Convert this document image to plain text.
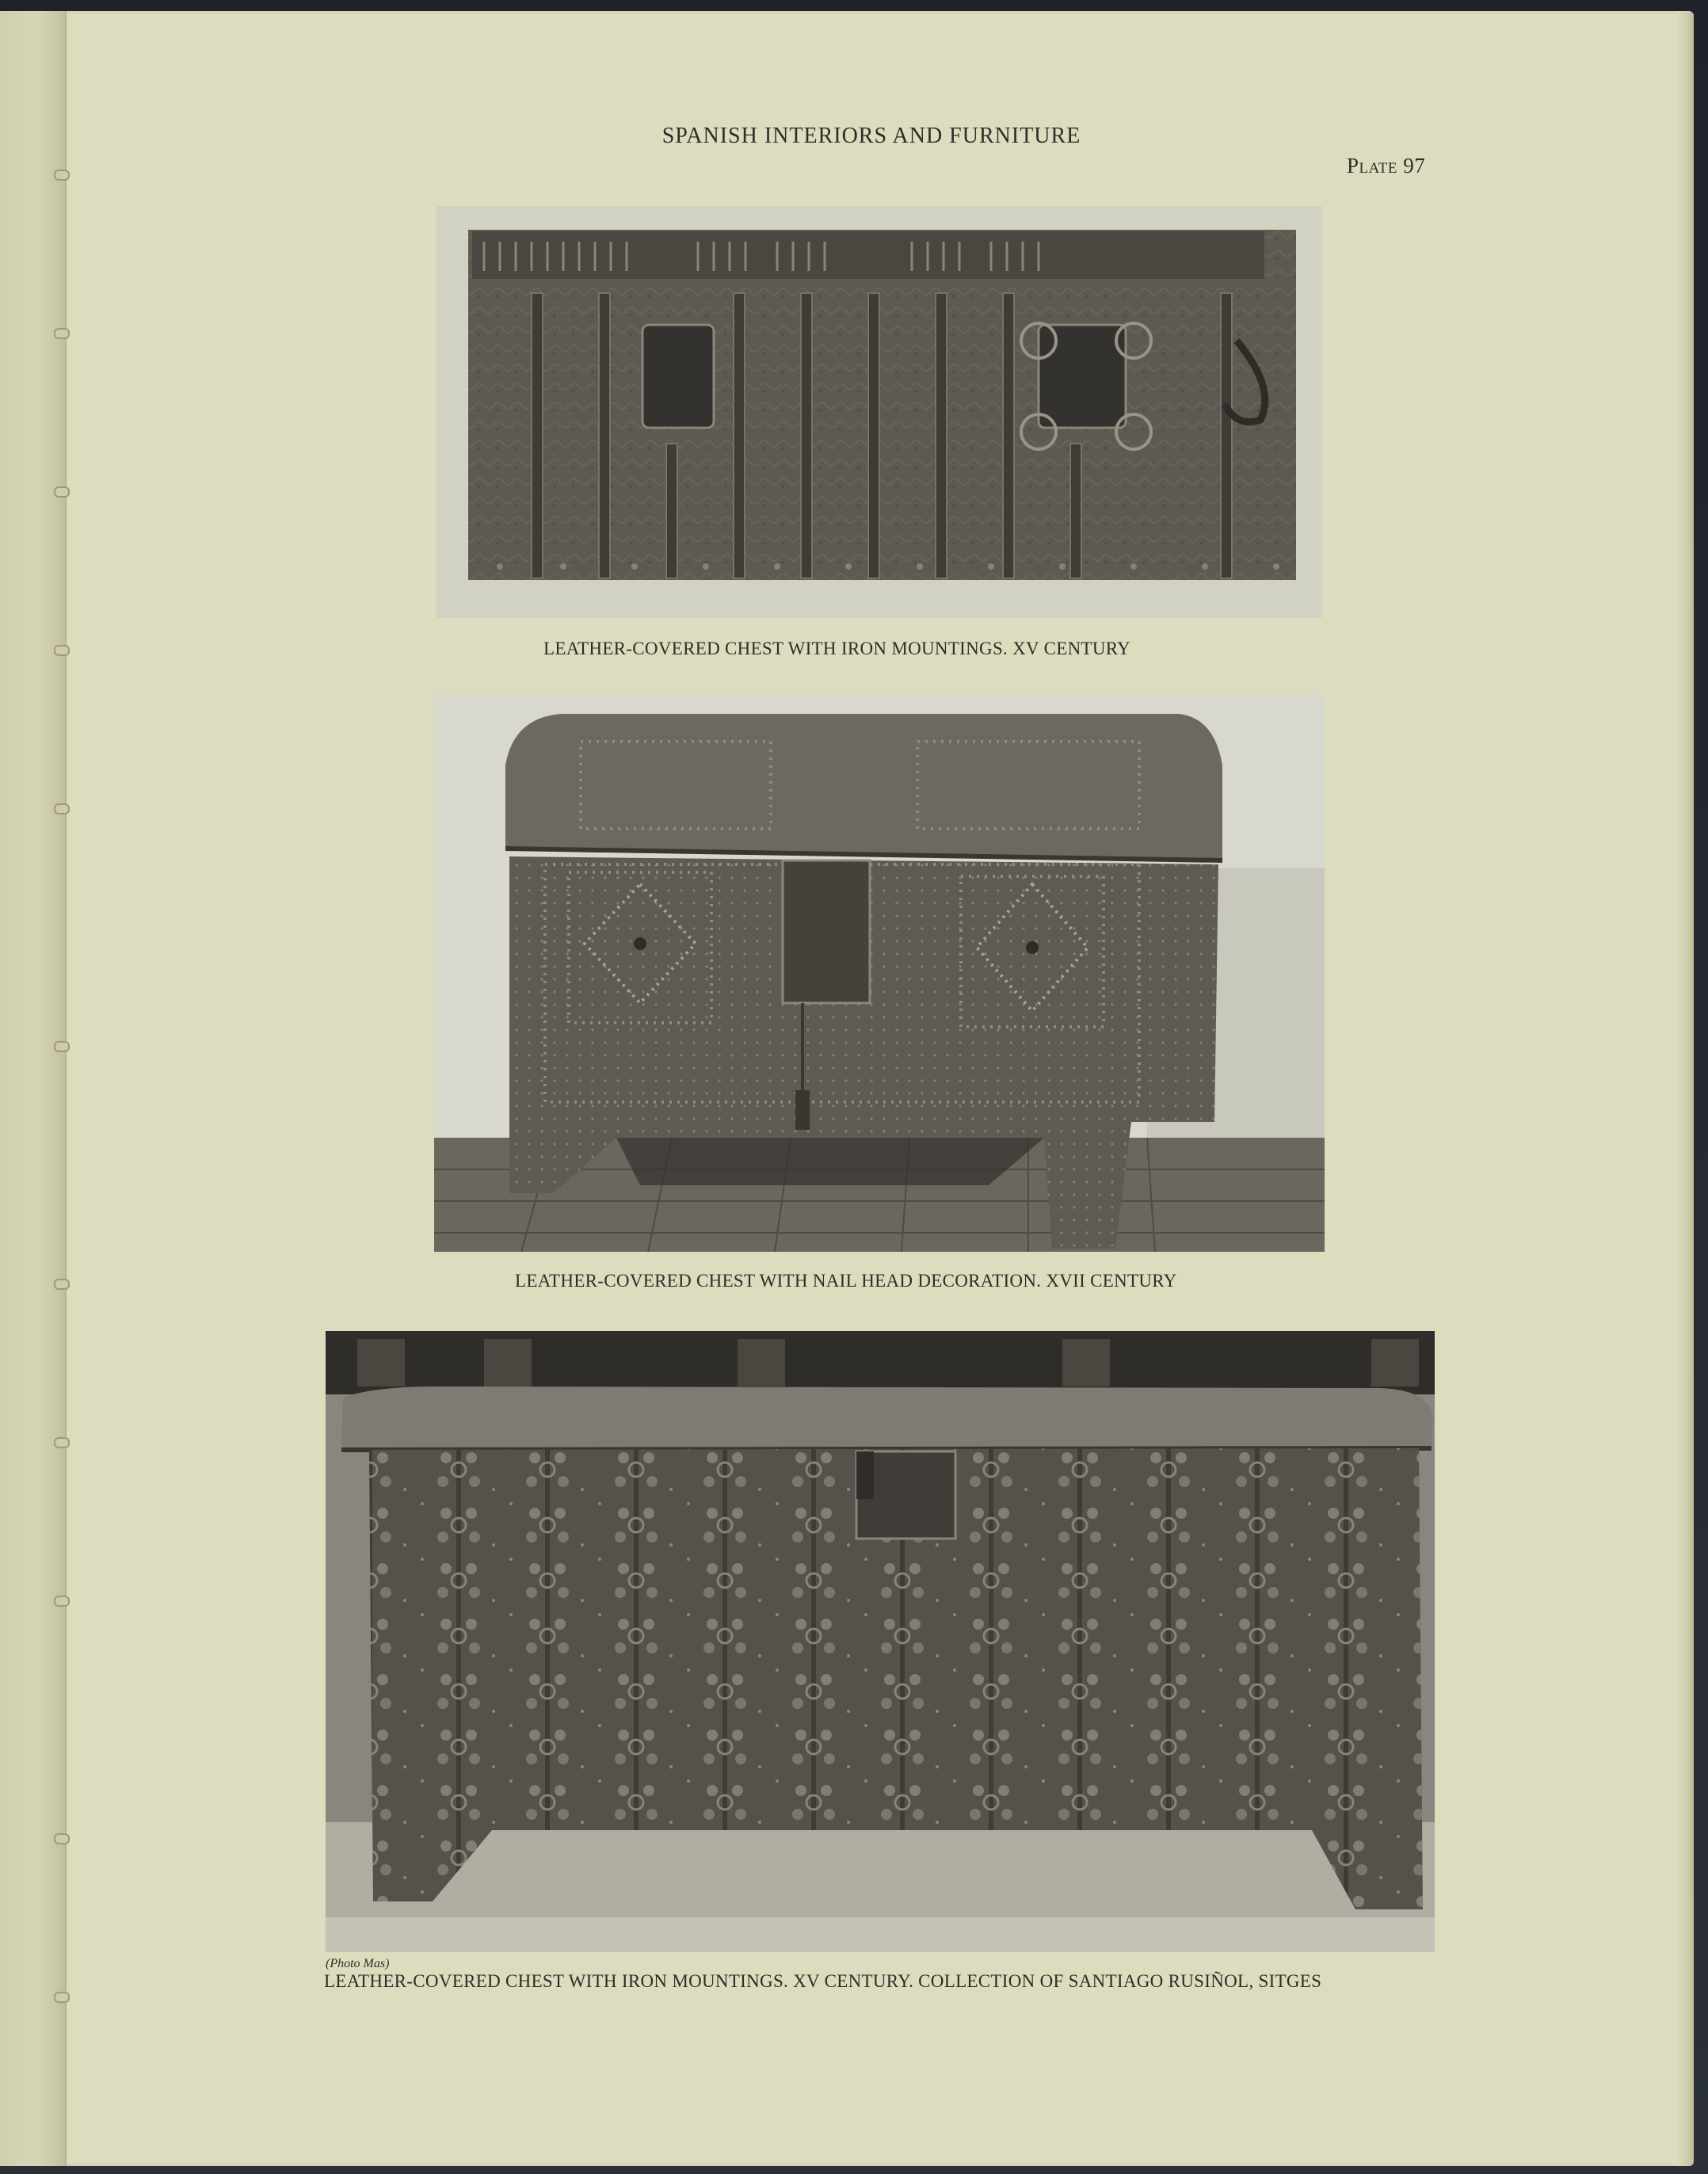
SPANISH INTERIORS AND FURNITURE
Plate 97
LEATHER-COVERED CHEST WITH IRON MOUNTINGS. XV CENTURY
LEATHER-COVERED CHEST WITH NAIL HEAD DECORATION. XVII CENTURY
(Photo Mas)
LEATHER-COVERED CHEST WITH IRON MOUNTINGS. XV CENTURY. COLLECTION OF SANTIAGO RUSIÑOL, SITGES
